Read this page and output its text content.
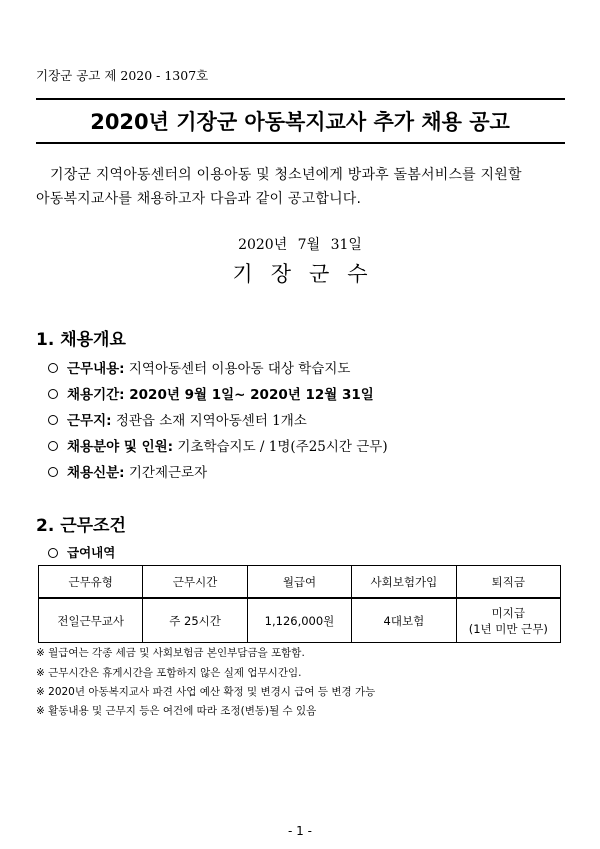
기장군 공고 제 2020 - 1307호
2020년 기장군 아동복지교사 추가 채용 공고
기장군 지역아동센터의 이용아동 및 청소년에게 방과후 돌봄서비스를 지원할
아동복지교사를 채용하고자 다음과 같이 공고합니다.
2020년 7월 31일
기장군수
1. 채용개요
근무내용: 지역아동센터 이용아동 대상 학습지도
채용기간: 2020년 9월 1일~ 2020년 12월 31일
근무지: 정관읍 소재 지역아동센터 1개소
채용분야 및 인원: 기초학습지도 / 1명(주25시간 근무)
채용신분: 기간제근로자
2. 근무조건
급여내역
근무유형	근무시간	월급여	사회보험가입	퇴직금
전일근무교사	주 25시간	1,126,000원	4대보험	미지급
(1년 미만 근무)
※ 월급여는 각종 세금 및 사회보험금 본인부담금을 포함함.
※ 근무시간은 휴게시간을 포함하지 않은 실제 업무시간임.
※ 2020년 아동복지교사 파견 사업 예산 확정 및 변경시 급여 등 변경 가능
※ 활동내용 및 근무지 등은 여건에 따라 조정(변동)될 수 있음
- 1 -
